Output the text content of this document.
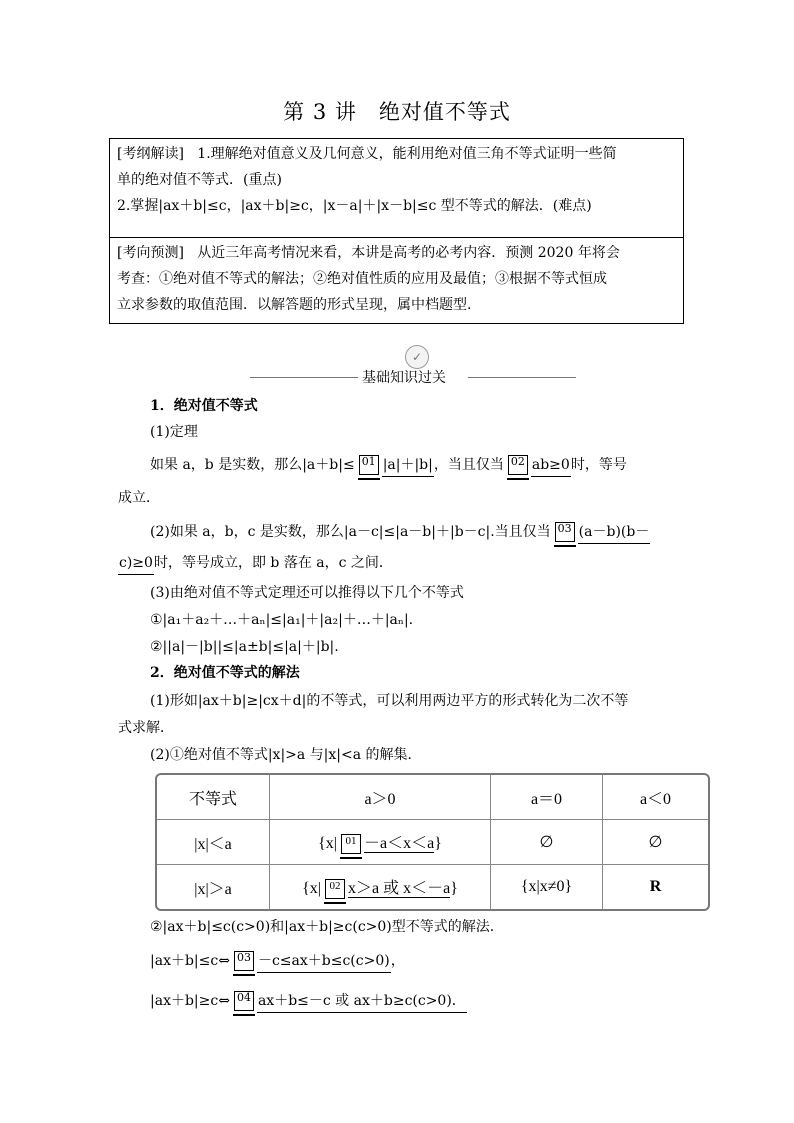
第 3 讲　绝对值不等式
[考纲解读] 1.理解绝对值意义及几何意义，能利用绝对值三角不等式证明一些简
单的绝对值不等式．(重点)
2.掌握|ax＋b|≤c，|ax＋b|≥c，|x－a|＋|x－b|≤c 型不等式的解法．(难点)
[考向预测] 从近三年高考情况来看，本讲是高考的必考内容．预测 2020 年将会
考查：①绝对值不等式的解法；②绝对值性质的应用及最值；③根据不等式恒成
立求参数的取值范围．以解答题的形式呈现，属中档题型.
✓
基础知识过关
1．绝对值不等式
(1)定理
如果 a，b 是实数，那么|a＋b|≤ 01 |a|＋|b|，当且仅当 02 ab≥0时，等号
成立．
(2)如果 a，b，c 是实数，那么|a－c|≤|a－b|＋|b－c|.当且仅当 03 (a－b)(b－
c)≥0时，等号成立，即 b 落在 a，c 之间．
(3)由绝对值不等式定理还可以推得以下几个不等式
①|a₁＋a₂＋…＋aₙ|≤|a₁|＋|a₂|＋…＋|aₙ|.
②||a|－|b||≤|a±b|≤|a|＋|b|.
2．绝对值不等式的解法
(1)形如|ax＋b|≥|cx＋d|的不等式，可以利用两边平方的形式转化为二次不等
式求解．
(2)①绝对值不等式|x|>a 与|x|<a 的解集．
不等式	a＞0	a＝0	a＜0
|x|＜a	{x| 01 －a＜x＜a}	∅	∅
|x|＞a	{x| 02 x＞a 或 x＜－a}	{x|x≠0}	R
②|ax＋b|≤c(c>0)和|ax＋b|≥c(c>0)型不等式的解法．
|ax＋b|≤c⇔ 03 －c≤ax＋b≤c(c>0)，
|ax＋b|≥c⇔ 04 ax＋b≤－c 或 ax＋b≥c(c>0)．
